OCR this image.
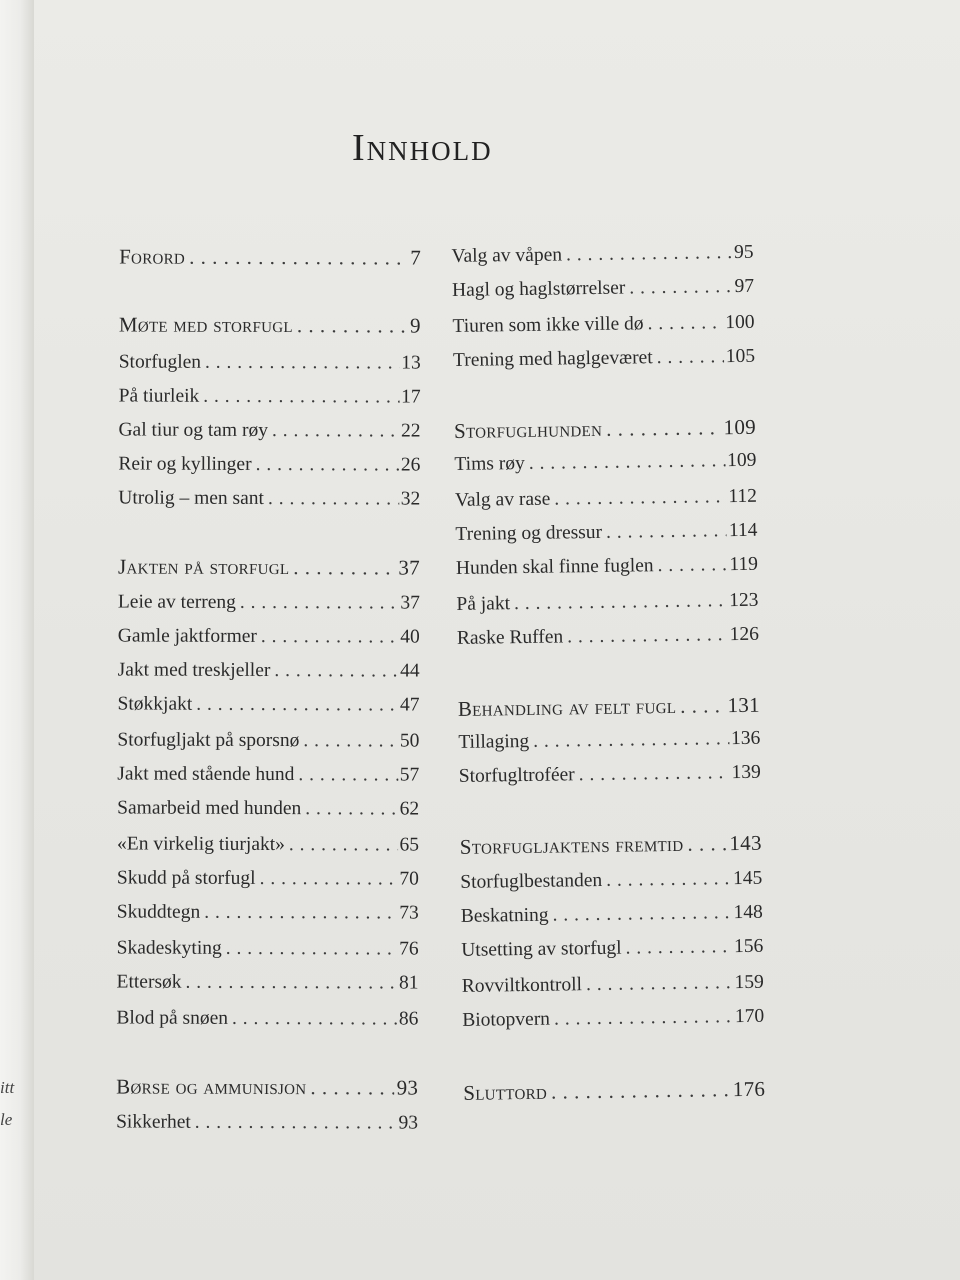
itt
le
Innhold
Forord . . .	7
Møte med storfugl . . .	9
Storfuglen . . .	13
På tiurleik . . .	17
Gal tiur og tam røy . . .	22
Reir og kyllinger . . .	26
Utrolig – men sant . . .	32
Jakten på storfugl . . .	37
Leie av terreng . . .	37
Gamle jaktformer . . .	40
Jakt med treskjeller . . .	44
Støkkjakt . . .	47
Storfugljakt på sporsnø . . .	50
Jakt med stående hund . . .	57
Samarbeid med hunden . . .	62
«En virkelig tiurjakt» . . .	65
Skudd på storfugl . . .	70
Skuddtegn . . .	73
Skadeskyting . . .	76
Ettersøk . . .	81
Blod på snøen . . .	86
Børse og ammunisjon . . .	93
Sikkerhet . . .	93
Valg av våpen . . .	95
Hagl og haglstørrelser . . .	97
Tiuren som ikke ville dø . . .	100
Trening med haglgeværet . . .	105
Storfuglhunden . . .	109
Tims røy . . .	109
Valg av rase . . .	112
Trening og dressur . . .	114
Hunden skal finne fuglen . . .	119
På jakt . . .	123
Raske Ruffen . . .	126
Behandling av felt fugl . . . 131
Tillaging . . .	136
Storfugltroféer . . .	139
Storfugljaktens fremtid . . . 143
Storfuglbestanden . . .	145
Beskatning . . .	148
Utsetting av storfugl . . .	156
Rovviltkontroll . . .	159
Biotopvern . . .	170
Sluttord . . .	176
